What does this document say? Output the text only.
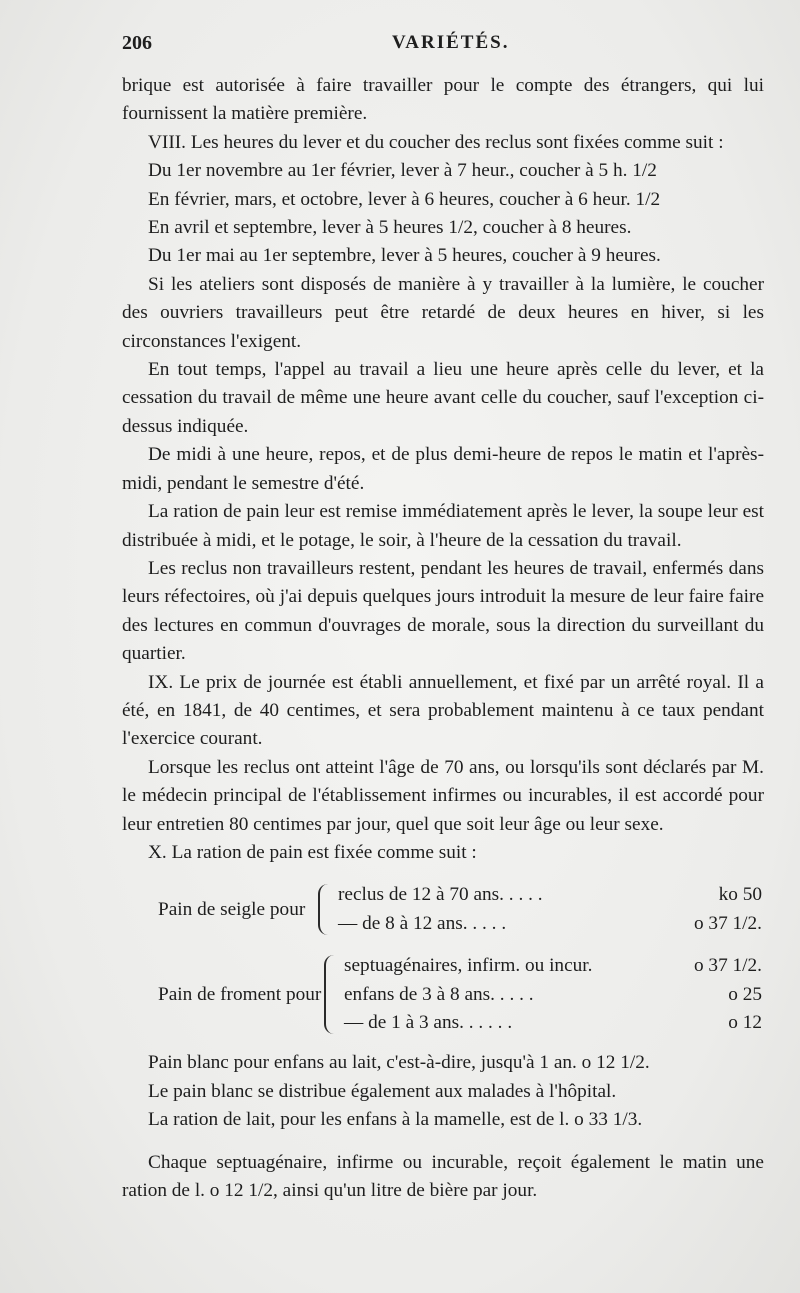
206	VARIÉTÉS.

brique est autorisée à faire travailler pour le compte des étrangers, qui lui fournissent la matière première.

VIII. Les heures du lever et du coucher des reclus sont fixées comme suit :

Du 1er novembre au 1er février, lever à 7 heur., coucher à 5 h. 1/2

En février, mars, et octobre, lever à 6 heures, coucher à 6 heur. 1/2

En avril et septembre, lever à 5 heures 1/2, coucher à 8 heures.

Du 1er mai au 1er septembre, lever à 5 heures, coucher à 9 heures.

Si les ateliers sont disposés de manière à y travailler à la lumière, le coucher des ouvriers travailleurs peut être retardé de deux heures en hiver, si les circonstances l'exigent.

En tout temps, l'appel au travail a lieu une heure après celle du lever, et la cessation du travail de même une heure avant celle du coucher, sauf l'exception ci-dessus indiquée.

De midi à une heure, repos, et de plus demi-heure de repos le matin et l'après-midi, pendant le semestre d'été.

La ration de pain leur est remise immédiatement après le lever, la soupe leur est distribuée à midi, et le potage, le soir, à l'heure de la cessation du travail.

Les reclus non travailleurs restent, pendant les heures de travail, enfermés dans leurs réfectoires, où j'ai depuis quelques jours introduit la mesure de leur faire faire des lectures en commun d'ouvrages de morale, sous la direction du surveillant du quartier.

IX. Le prix de journée est établi annuellement, et fixé par un arrêté royal. Il a été, en 1841, de 40 centimes, et sera probablement maintenu à ce taux pendant l'exercice courant.

Lorsque les reclus ont atteint l'âge de 70 ans, ou lorsqu'ils sont déclarés par M. le médecin principal de l'établissement infirmes ou incurables, il est accordé pour leur entretien 80 centimes par jour, quel que soit leur âge ou leur sexe.

X. La ration de pain est fixée comme suit :

Pain de seigle pour
reclus de 12 à 70 ans. . . . .	ko 50
— de 8 à 12 ans. . . . .	o 37 1/2.
Pain de froment pour
septuagénaires, infirm. ou incur.	o 37 1/2.
enfans de 3 à 8 ans. . . . .	o 25
— de 1 à 3 ans. . . . . .	o 12

Pain blanc pour enfans au lait, c'est-à-dire, jusqu'à 1 an. o 12 1/2.

Le pain blanc se distribue également aux malades à l'hôpital.

La ration de lait, pour les enfans à la mamelle, est de l. o 33 1/3.

Chaque septuagénaire, infirme ou incurable, reçoit également le matin une ration de l. o 12 1/2, ainsi qu'un litre de bière par jour.
